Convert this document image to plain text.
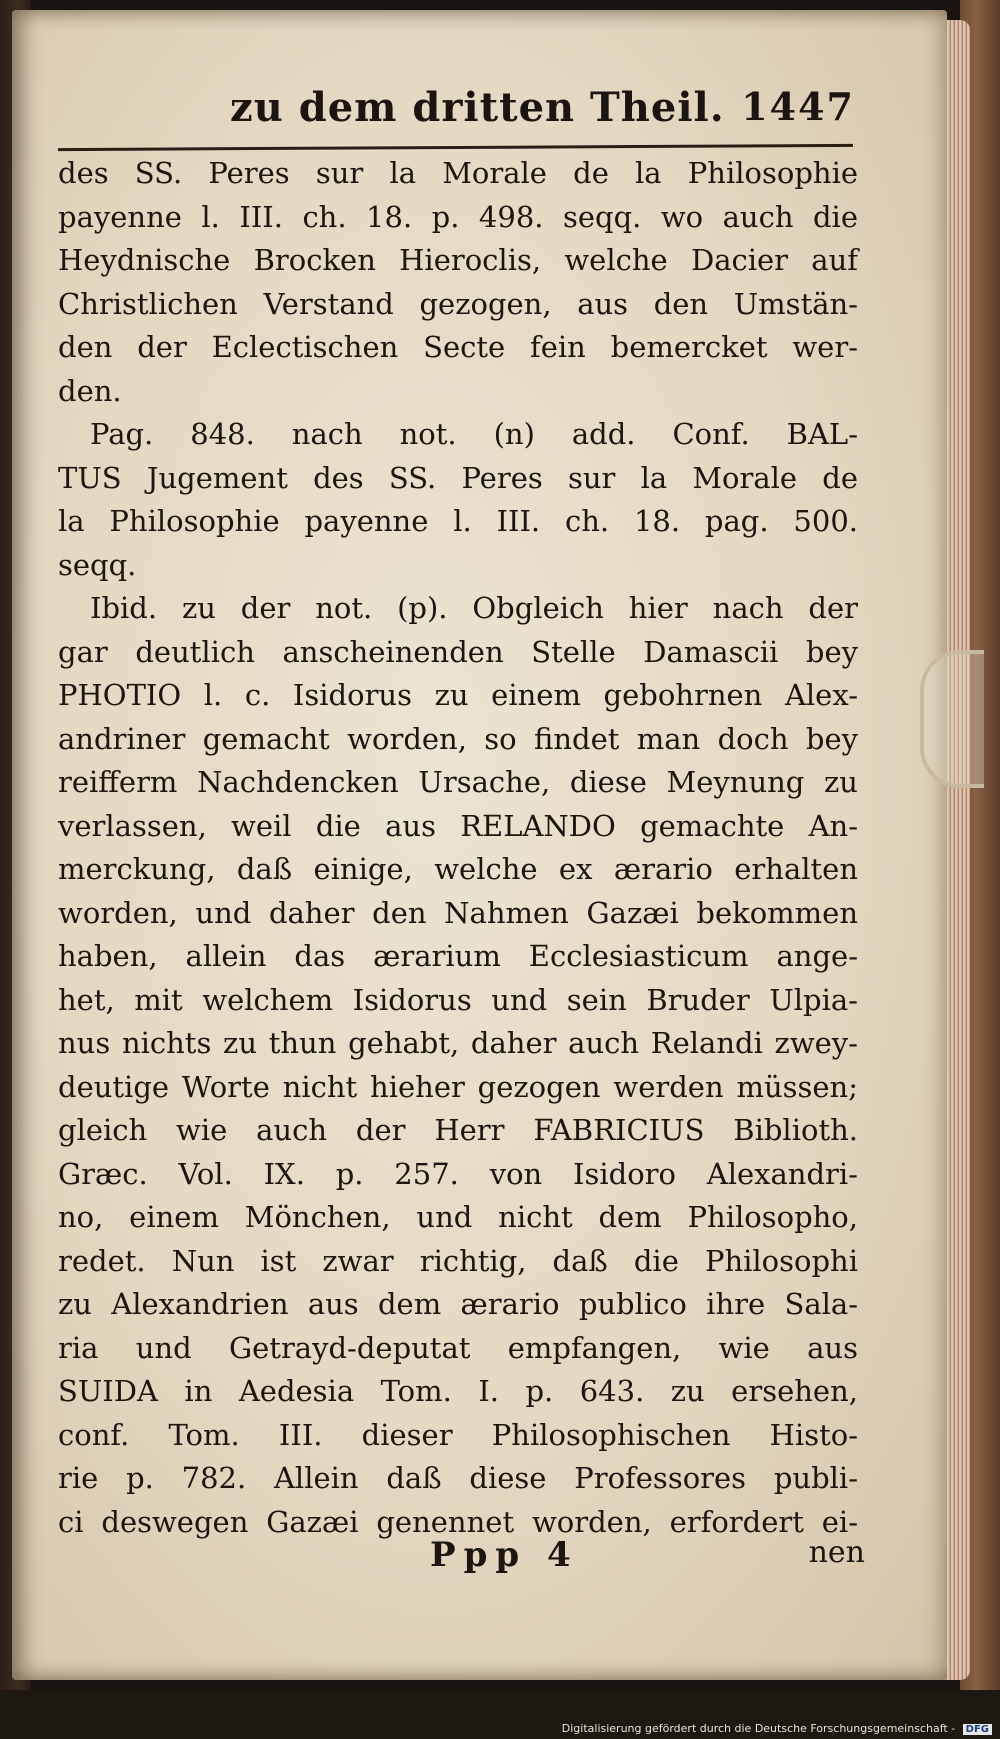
zu dem dritten Theil. 1447
des SS. Peres sur la Morale de la Philosophie
payenne l. III. ch. 18. p. 498. seqq. wo auch die
Heydnische Brocken Hieroclis, welche Dacier auf
Christlichen Verstand gezogen, aus den Umstän-
den der Eclectischen Secte fein bemercket wer-
den.
Pag. 848. nach not. (n) add. Conf. BAL-
TUS Jugement des SS. Peres sur la Morale de
la Philosophie payenne l. III. ch. 18. pag. 500.
seqq.
Ibid. zu der not. (p). Obgleich hier nach der
gar deutlich anscheinenden Stelle Damascii bey
PHOTIO l. c. Isidorus zu einem gebohrnen Alex-
andriner gemacht worden, so findet man doch bey
reifferm Nachdencken Ursache, diese Meynung zu
verlassen, weil die aus RELANDO gemachte An-
merckung, daß einige, welche ex ærario erhalten
worden, und daher den Nahmen Gazæi bekommen
haben, allein das ærarium Ecclesiasticum ange-
het, mit welchem Isidorus und sein Bruder Ulpia-
nus nichts zu thun gehabt, daher auch Relandi zwey-
deutige Worte nicht hieher gezogen werden müssen;
gleich wie auch der Herr FABRICIUS Biblioth.
Græc. Vol. IX. p. 257. von Isidoro Alexandri-
no, einem Mönchen, und nicht dem Philosopho,
redet. Nun ist zwar richtig, daß die Philosophi
zu Alexandrien aus dem ærario publico ihre Sala-
ria und Getrayd-deputat empfangen, wie aus
SUIDA in Aedesia Tom. I. p. 643. zu ersehen,
conf. Tom. III. dieser Philosophischen Histo-
rie p. 782. Allein daß diese Professores publi-
ci deswegen Gazæi genennet worden, erfordert ei-
Ppp 4	nen
Digitalisierung gefördert durch die Deutsche Forschungsgemeinschaft - DFG
